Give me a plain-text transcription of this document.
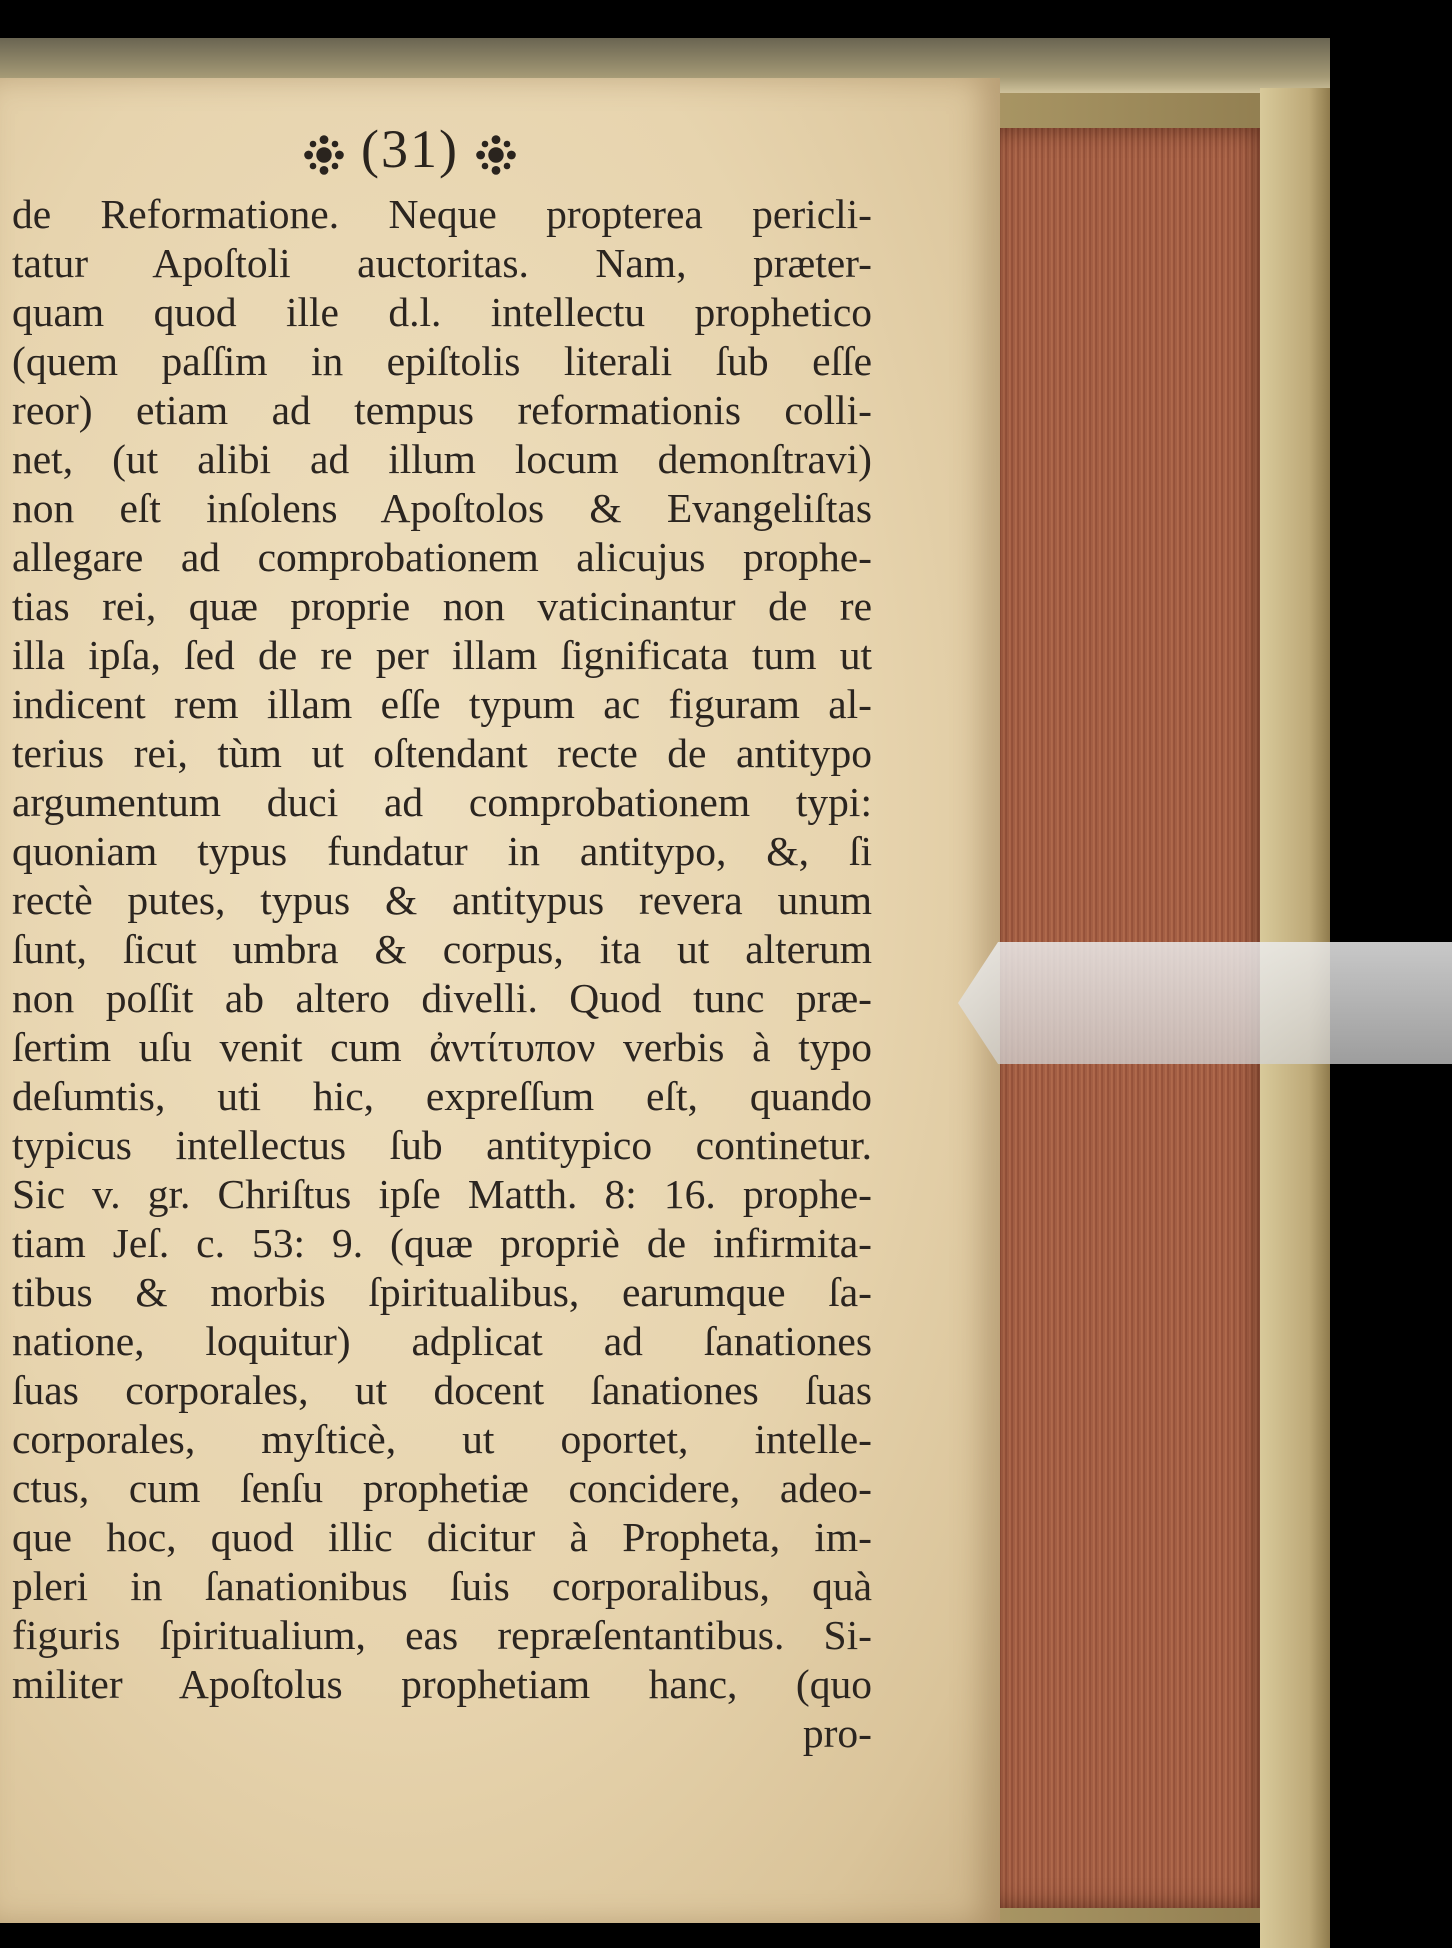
(31)
de Reformatione. Neque propterea pericli-
tatur Apoſtoli auctoritas. Nam, præter-
quam quod ille d.l. intellectu prophetico
(quem paſſim in epiſtolis literali ſub eſſe
reor) etiam ad tempus reformationis colli-
net, (ut alibi ad illum locum demonſtravi)
non eſt inſolens Apoſtolos & Evangeliſtas
allegare ad comprobationem alicujus prophe-
tias rei, quæ proprie non vaticinantur de re
illa ipſa, ſed de re per illam ſignificata tum ut
indicent rem illam eſſe typum ac figuram al-
terius rei, tùm ut oſtendant recte de antitypo
argumentum duci ad comprobationem typi:
quoniam typus fundatur in antitypo, &, ſi
rectè putes, typus & antitypus revera unum
ſunt, ſicut umbra & corpus, ita ut alterum
non poſſit ab altero divelli. Quod tunc præ-
ſertim uſu venit cum ἀντίτυπον verbis à typo
deſumtis, uti hic, expreſſum eſt, quando
typicus intellectus ſub antitypico continetur.
Sic v. gr. Chriſtus ipſe Matth. 8: 16. prophe-
tiam Jeſ. c. 53: 9. (quæ propriè de infirmita-
tibus & morbis ſpiritualibus, earumque ſa-
natione, loquitur) adplicat ad ſanationes
ſuas corporales, ut docent ſanationes ſuas
corporales, myſticè, ut oportet, intelle-
ctus, cum ſenſu prophetiæ concidere, adeo-
que hoc, quod illic dicitur à Propheta, im-
pleri in ſanationibus ſuis corporalibus, quà
figuris ſpiritualium, eas repræſentantibus. Si-
militer Apoſtolus prophetiam hanc, (quo
pro-
